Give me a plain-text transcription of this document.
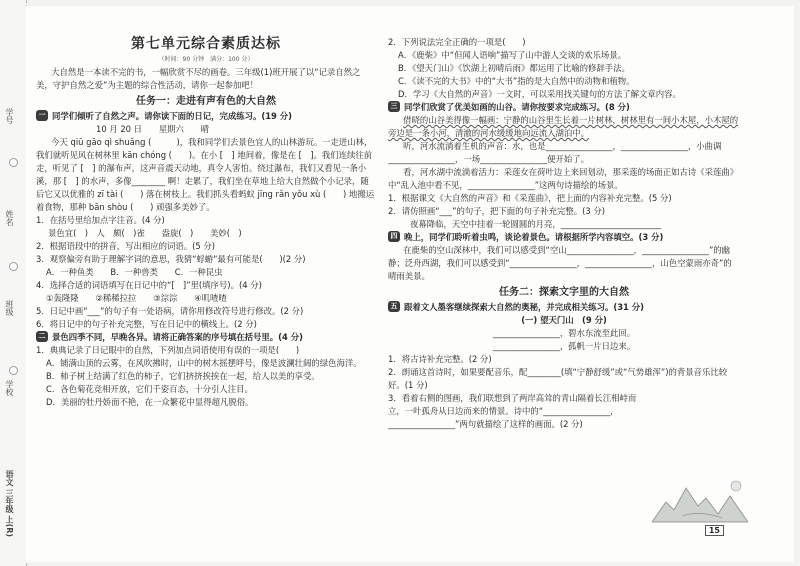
学号
姓名
班级
学校
语文 三年级 上(R)
第七单元综合素质达标
（时间：90 分钟　满分：100 分）

大自然是一本读不完的书，一幅欣赏不尽的画卷。三年级(1)班开展了以“记录自然之美，守护自然之爱”为主题的综合性活动，请你一起参加吧！

任务一：走进有声有色的大自然
一 同学们倾听了自然之声。请你读下面的日记，完成练习。(19 分)

10 月 20 日　　星期六　　晴

今天 qiū gāo qì shuǎng (　　　)，我和同学们去景色宜人的山林游玩。一走进山林，我们就听见风在树林里 kān chóng (　　)。在小 [　] 地间着，像是在 [　]。我们连续往前走，听见了 [　] 的瀑布声，这声音震天动地，真令人害怕。绕过瀑布，我们又看见一条小溪，那 [　] 的水声，多像________ 啊！走累了，我们坐在草地上给大自然做个小记录，随后它又以优雅的 zī tài (　　) 落在树枝上。我们抓头看蚂蚁 jīng rǎn yǒu xù (　　) 地搬运着食物，那种 bān shòu (　　) 顽强多美妙了。

1．在括号里给加点字注音。(4 分)

景色宜(　)　人　颇(　)雀　　盎旋(　)　　美妙(　)

2．根据语段中的拼音，写出相应的词语。(5 分)

3．观察偏旁有助于理解字词的意思，我猜“蜉蝣”最有可能是(　　)(2 分)

A．一种鱼类　　B．一种兽类　　C．一种昆虫

4．选择合适的词语填写在日记中的“[　]”里(填序号)。(4 分)

①轰隆隆　　②稀稀拉拉　　③淙淙　　④叽喳喳

5．日记中画“___”的句子有一处语病，请你用修改符号进行修改。(2 分)

6．将日记中的句子补充完整，写在日记中的横线上。(2 分)

二 景色四季不同，早晚各异。请将正确答案的序号填在括号里。(4 分)

1．典典记录了日记眼中的自然，下列加点词语使用有误的一项是(　　)

A．铺满山顶的云雾，在风吹拂时，山中的树木摇摆呼号，像是波澜壮阔的绿色海洋。

B．柿子树上结满了红色的柿子，它们挤挤挨挨在一起，给人以美的享受。

C．各色菊花竞相开放，它们千姿百态，十分引人注目。

D．美丽的牡丹娇面不艳，在一众繁花中显得超凡脱俗。

2．下列说法完全正确的一项是(　　)

A．《鹿柴》中“但闻人语响”描写了山中游人交谈的欢乐场景。

B．《望天门山》《饮湖上初晴后雨》都运用了比喻的修辞手法。

C．《读不完的大书》中的“大书”指的是大自然中的动物和植物。

D．学习《大自然的声音》一文时，可以采用找关键句的方法了解文章内容。

三 同学们欣赏了优美如画的山谷。请你按要求完成练习。(8 分)

借晓的山谷美得像一幅画：宁静的山谷里生长着一片树林，树林里有一间小木屋，小木屋的旁边是一条小河，清澈的河水缓缓地向远流入湖泊中。

听，河水流淌着生机的声音：水，也是________________，________________，小曲调________________，一场________________便开始了。

看，河水湖中流淌着活力：采莲女在荷叶边上来回划动，那采莲的场面正如古诗《采莲曲》中“乱入池中看不见，________________”这两句诗描绘的场景。

1．根据课文《大自然的声音》和《采莲曲》，把上面的内容补充完整。(5 分)

2．请仿照画“___”的句子，把下面的句子补充完整。(3 分)

夜幕降临，天空中挂着一轮圆圆的月亮，________________________

四 晚上，同学们聆听着虫鸣，谈论着景色。请根据所学内容填空。(3 分)

在鹿柴的空山深林中，我们可以感受到“空山________________，________________”的幽静；泛舟西湖，我们可以感受到“________________，________________，山色空蒙雨亦奇”的晴雨美景。

任务二：探索文字里的大自然
五 跟着文人墨客继续探索大自然的奥秘，并完成相关练习。(31 分)

(一) 望天门山　(9 分)

________________，碧水东流至此回。

________________，孤帆一片日边来。

1．将古诗补充完整。(2 分)

2．朗诵这首诗时，如果要配音乐，配________(填“宁静舒缓”或“气势雄浑”)的背景音乐比较好。(1 分)

3．看着右侧的图画，我们联想到了两岸高耸的青山隔着长江相峙而立，一叶孤舟从日边而来的情景。诗中的“________________，________________”两句就描绘了这样的画面。(2 分)

15
